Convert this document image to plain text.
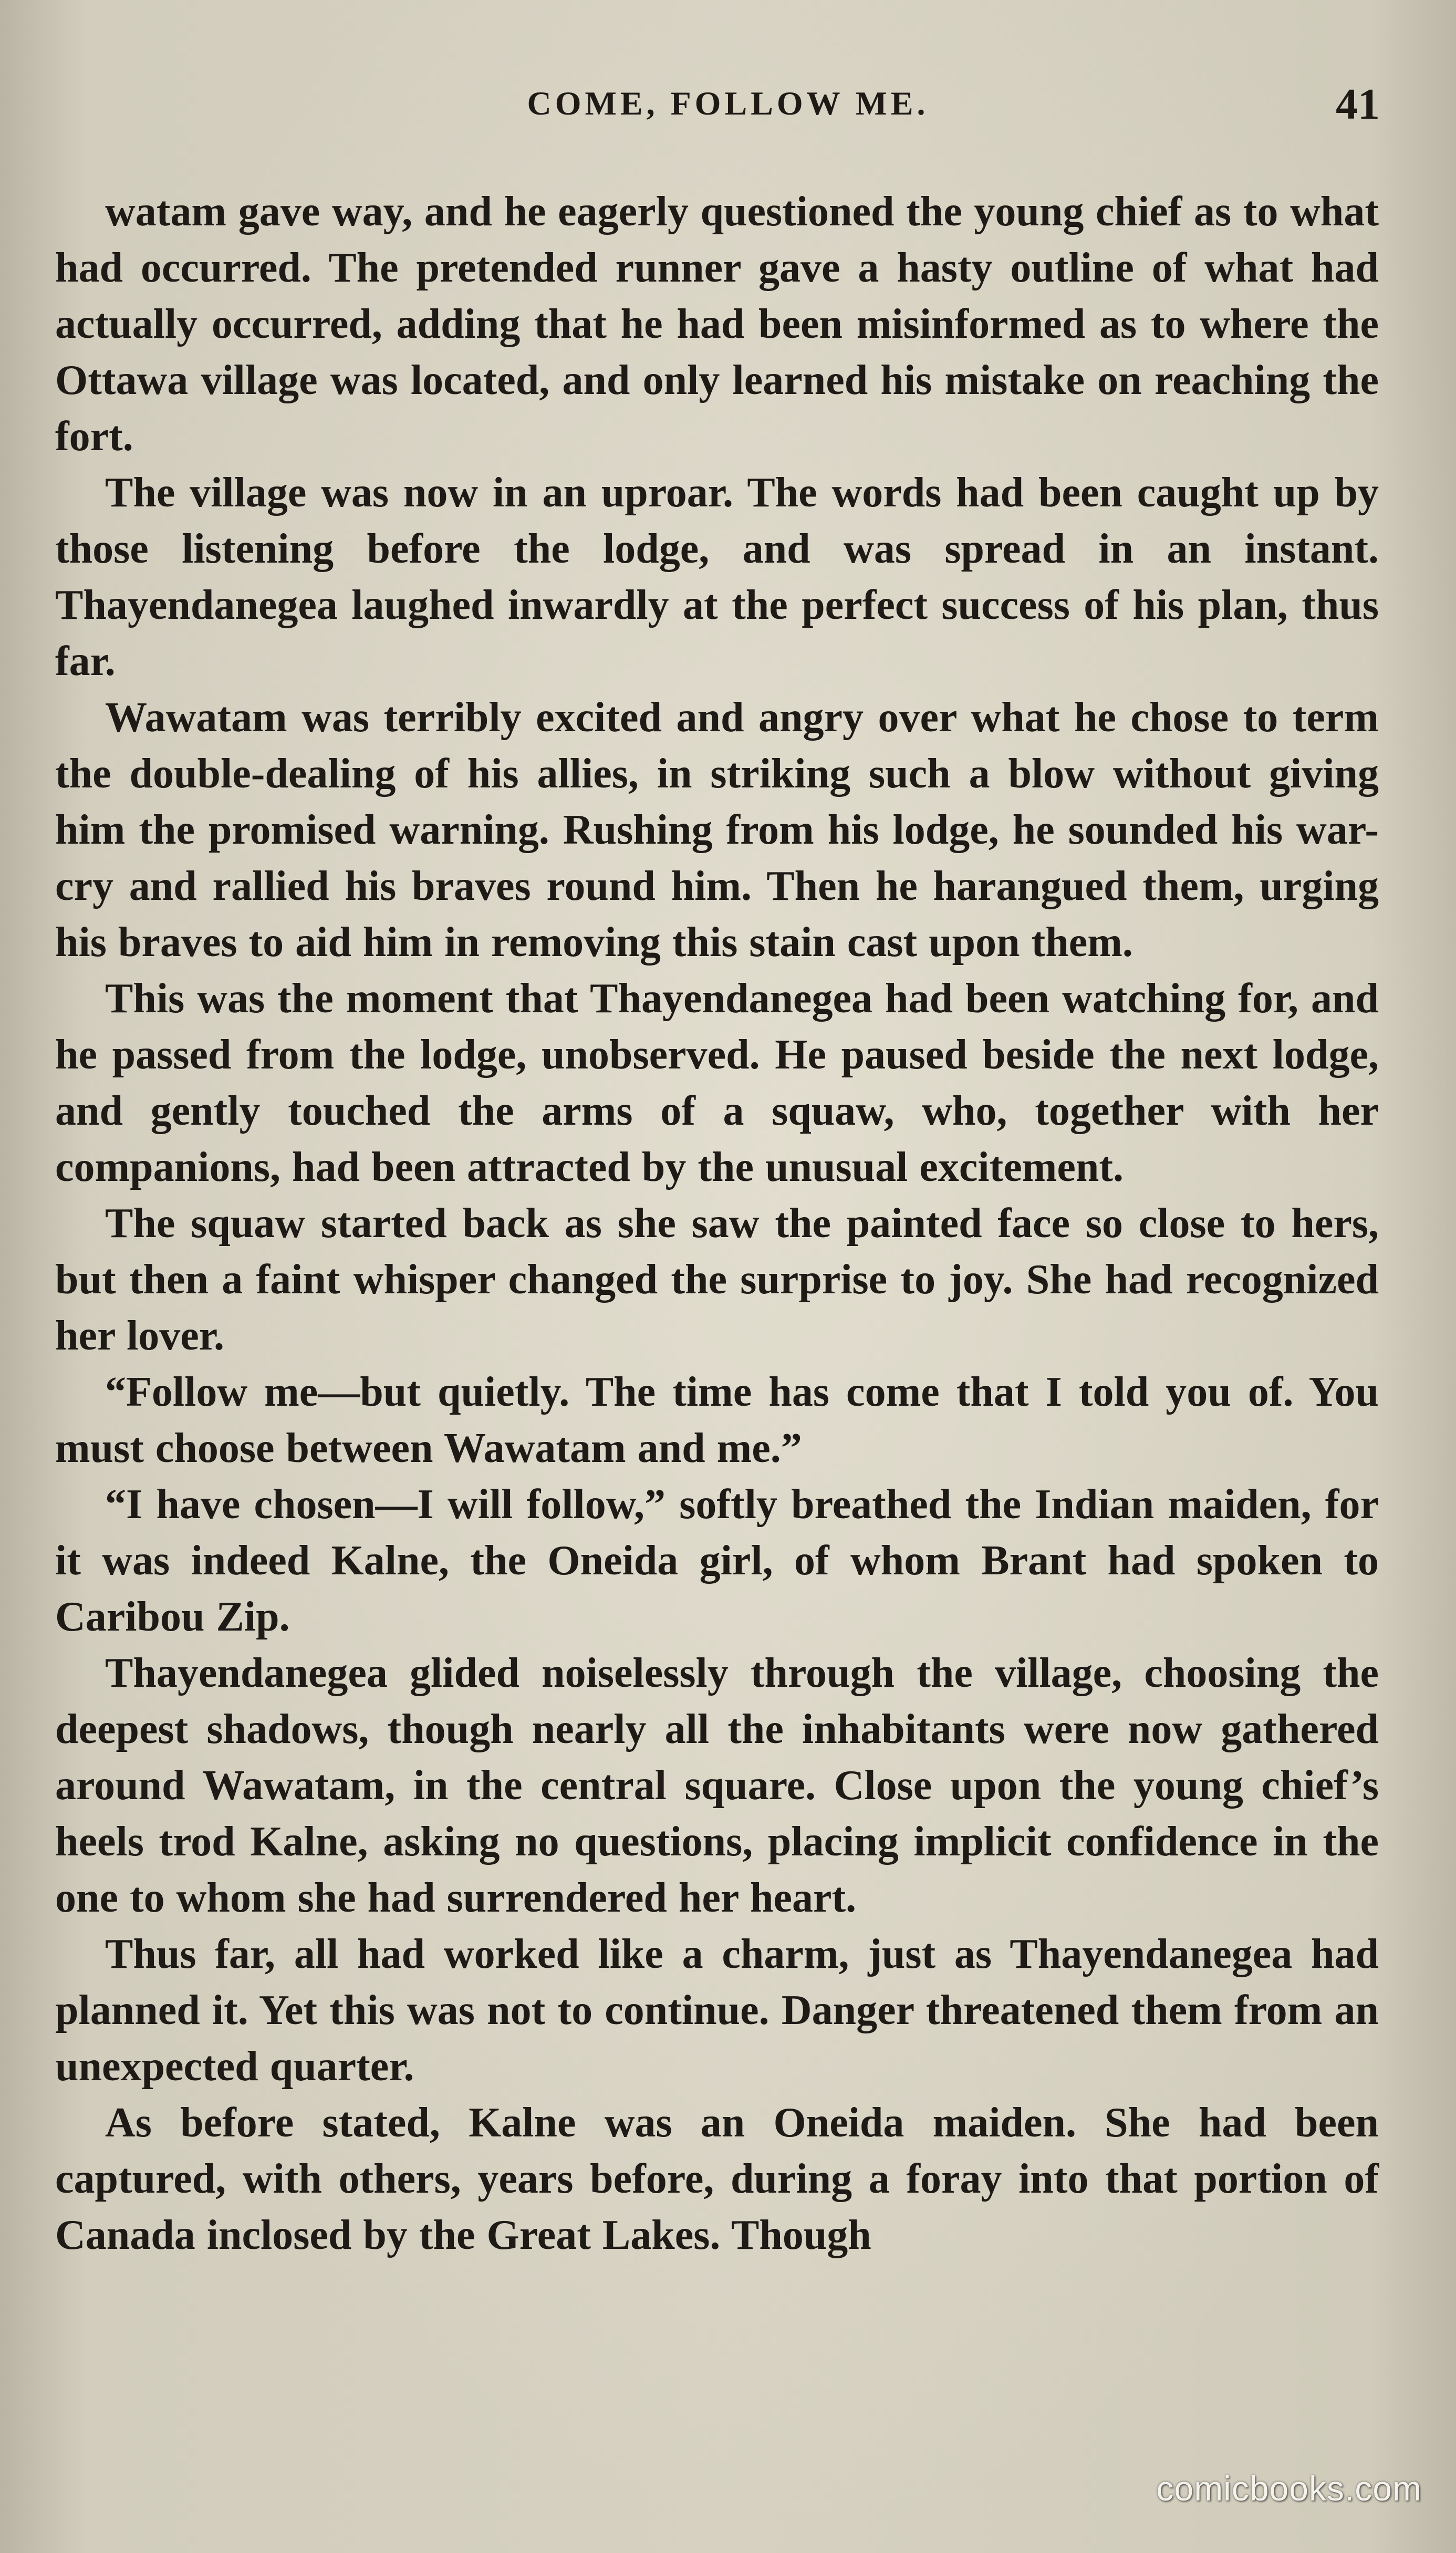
COME, FOLLOW ME.	41

watam gave way, and he eagerly questioned the young chief as to what had occurred. The pretended runner gave a hasty outline of what had actually occurred, adding that he had been misinformed as to where the Ottawa village was located, and only learned his mistake on reaching the fort.

The village was now in an uproar. The words had been caught up by those listening before the lodge, and was spread in an instant. Thayendanegea laughed inwardly at the perfect success of his plan, thus far.

Wawatam was terribly excited and angry over what he chose to term the double-dealing of his allies, in striking such a blow without giving him the promised warning. Rushing from his lodge, he sounded his war-cry and rallied his braves round him. Then he harangued them, urging his braves to aid him in removing this stain cast upon them.

This was the moment that Thayendanegea had been watching for, and he passed from the lodge, unobserved. He paused beside the next lodge, and gently touched the arms of a squaw, who, together with her companions, had been attracted by the unusual excitement.

The squaw started back as she saw the painted face so close to hers, but then a faint whisper changed the surprise to joy. She had recognized her lover.

“Follow me—but quietly. The time has come that I told you of. You must choose between Wawatam and me.”

“I have chosen—I will follow,” softly breathed the Indian maiden, for it was indeed Kalne, the Oneida girl, of whom Brant had spoken to Caribou Zip.

Thayendanegea glided noiselessly through the village, choosing the deepest shadows, though nearly all the inhabitants were now gathered around Wawatam, in the central square. Close upon the young chief’s heels trod Kalne, asking no questions, placing implicit confidence in the one to whom she had surrendered her heart.

Thus far, all had worked like a charm, just as Thayendanegea had planned it. Yet this was not to continue. Danger threatened them from an unexpected quarter.

As before stated, Kalne was an Oneida maiden. She had been captured, with others, years before, during a foray into that portion of Canada inclosed by the Great Lakes. Though

comicbooks.com
